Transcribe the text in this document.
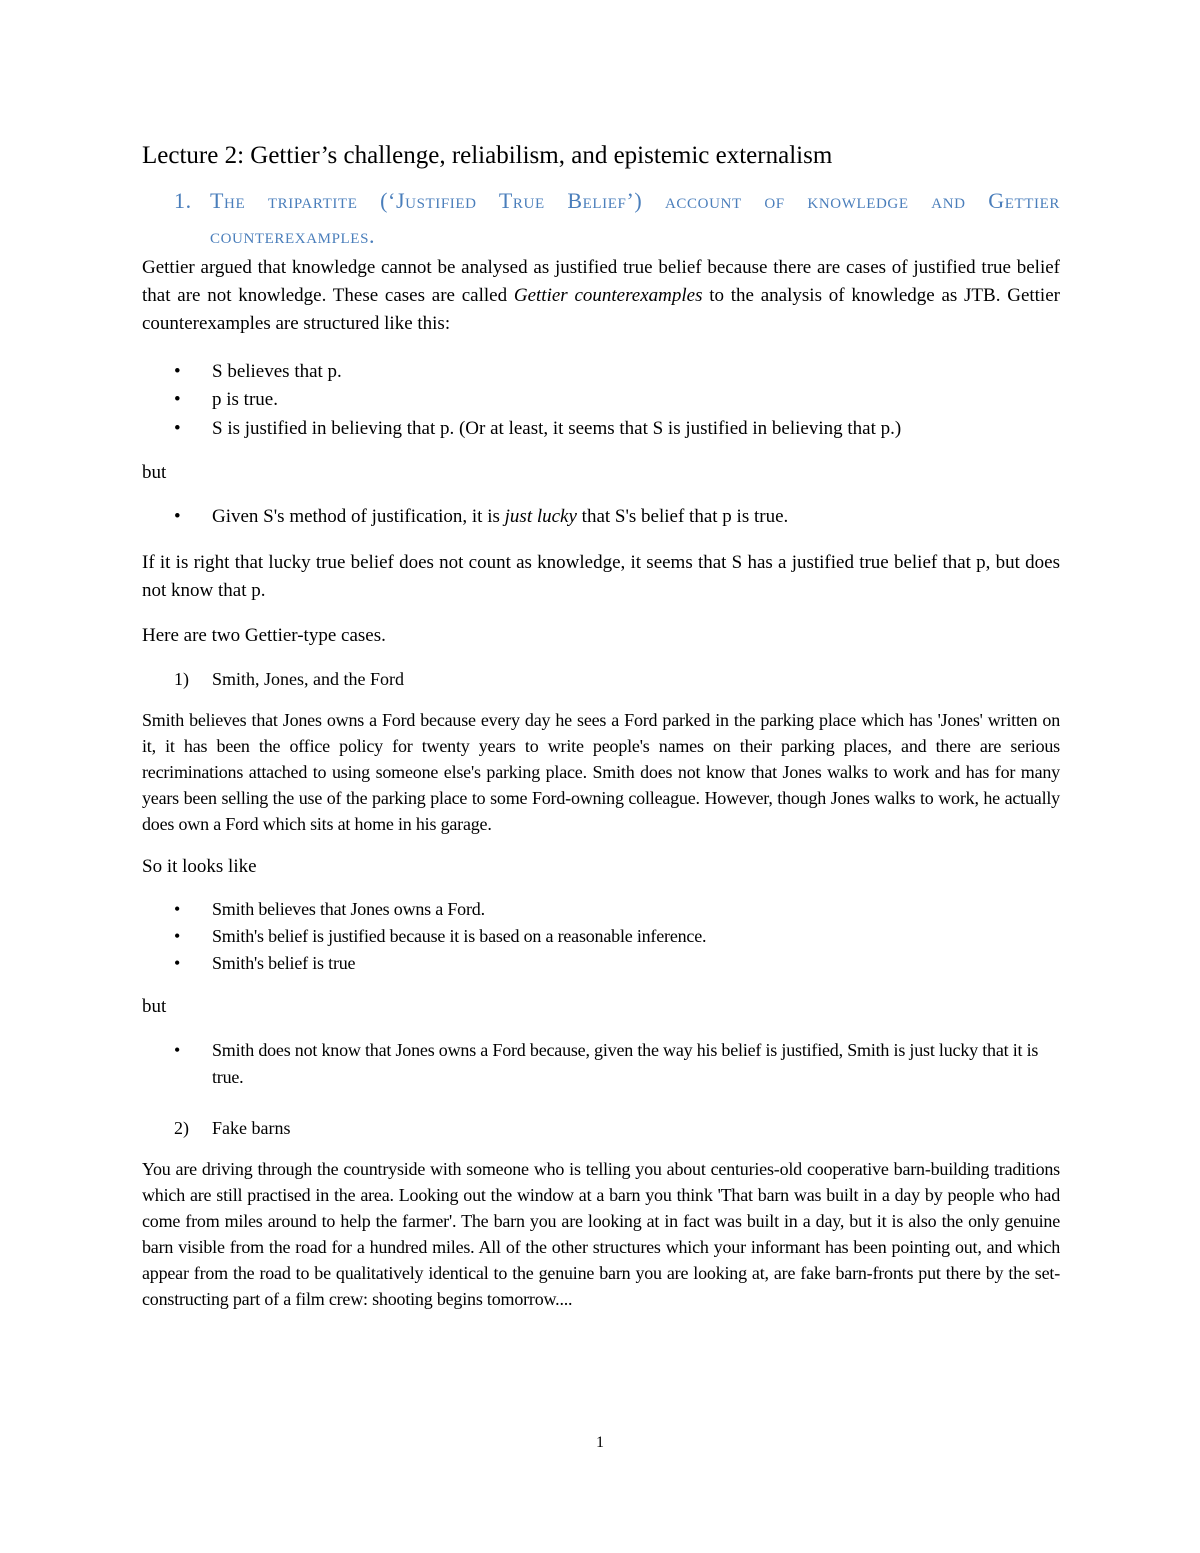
Lecture 2: Gettier’s challenge, reliabilism, and epistemic externalism
1. The tripartite (‘Justified True Belief’) account of knowledge and Gettier counterexamples.

Gettier argued that knowledge cannot be analysed as justified true belief because there are cases of justified true belief that are not knowledge. These cases are called Gettier counterexamples to the analysis of knowledge as JTB. Gettier counterexamples are structured like this:

• S believes that p.
• p is true.
• S is justified in believing that p. (Or at least, it seems that S is justified in believing that p.)

but

• Given S's method of justification, it is just lucky that S's belief that p is true.

If it is right that lucky true belief does not count as knowledge, it seems that S has a justified true belief that p, but does not know that p.

Here are two Gettier-type cases.

1) Smith, Jones, and the Ford

Smith believes that Jones owns a Ford because every day he sees a Ford parked in the parking place which has 'Jones' written on it, it has been the office policy for twenty years to write people's names on their parking places, and there are serious recriminations attached to using someone else's parking place. Smith does not know that Jones walks to work and has for many years been selling the use of the parking place to some Ford-owning colleague. However, though Jones walks to work, he actually does own a Ford which sits at home in his garage.

So it looks like

• Smith believes that Jones owns a Ford.
• Smith's belief is justified because it is based on a reasonable inference.
• Smith's belief is true

but

• Smith does not know that Jones owns a Ford because, given the way his belief is justified, Smith is just lucky that it is true.
2) Fake barns

You are driving through the countryside with someone who is telling you about centuries-old cooperative barn-building traditions which are still practised in the area. Looking out the window at a barn you think 'That barn was built in a day by people who had come from miles around to help the farmer'. The barn you are looking at in fact was built in a day, but it is also the only genuine barn visible from the road for a hundred miles. All of the other structures which your informant has been pointing out, and which appear from the road to be qualitatively identical to the genuine barn you are looking at, are fake barn-fronts put there by the set-constructing part of a film crew: shooting begins tomorrow....

1
